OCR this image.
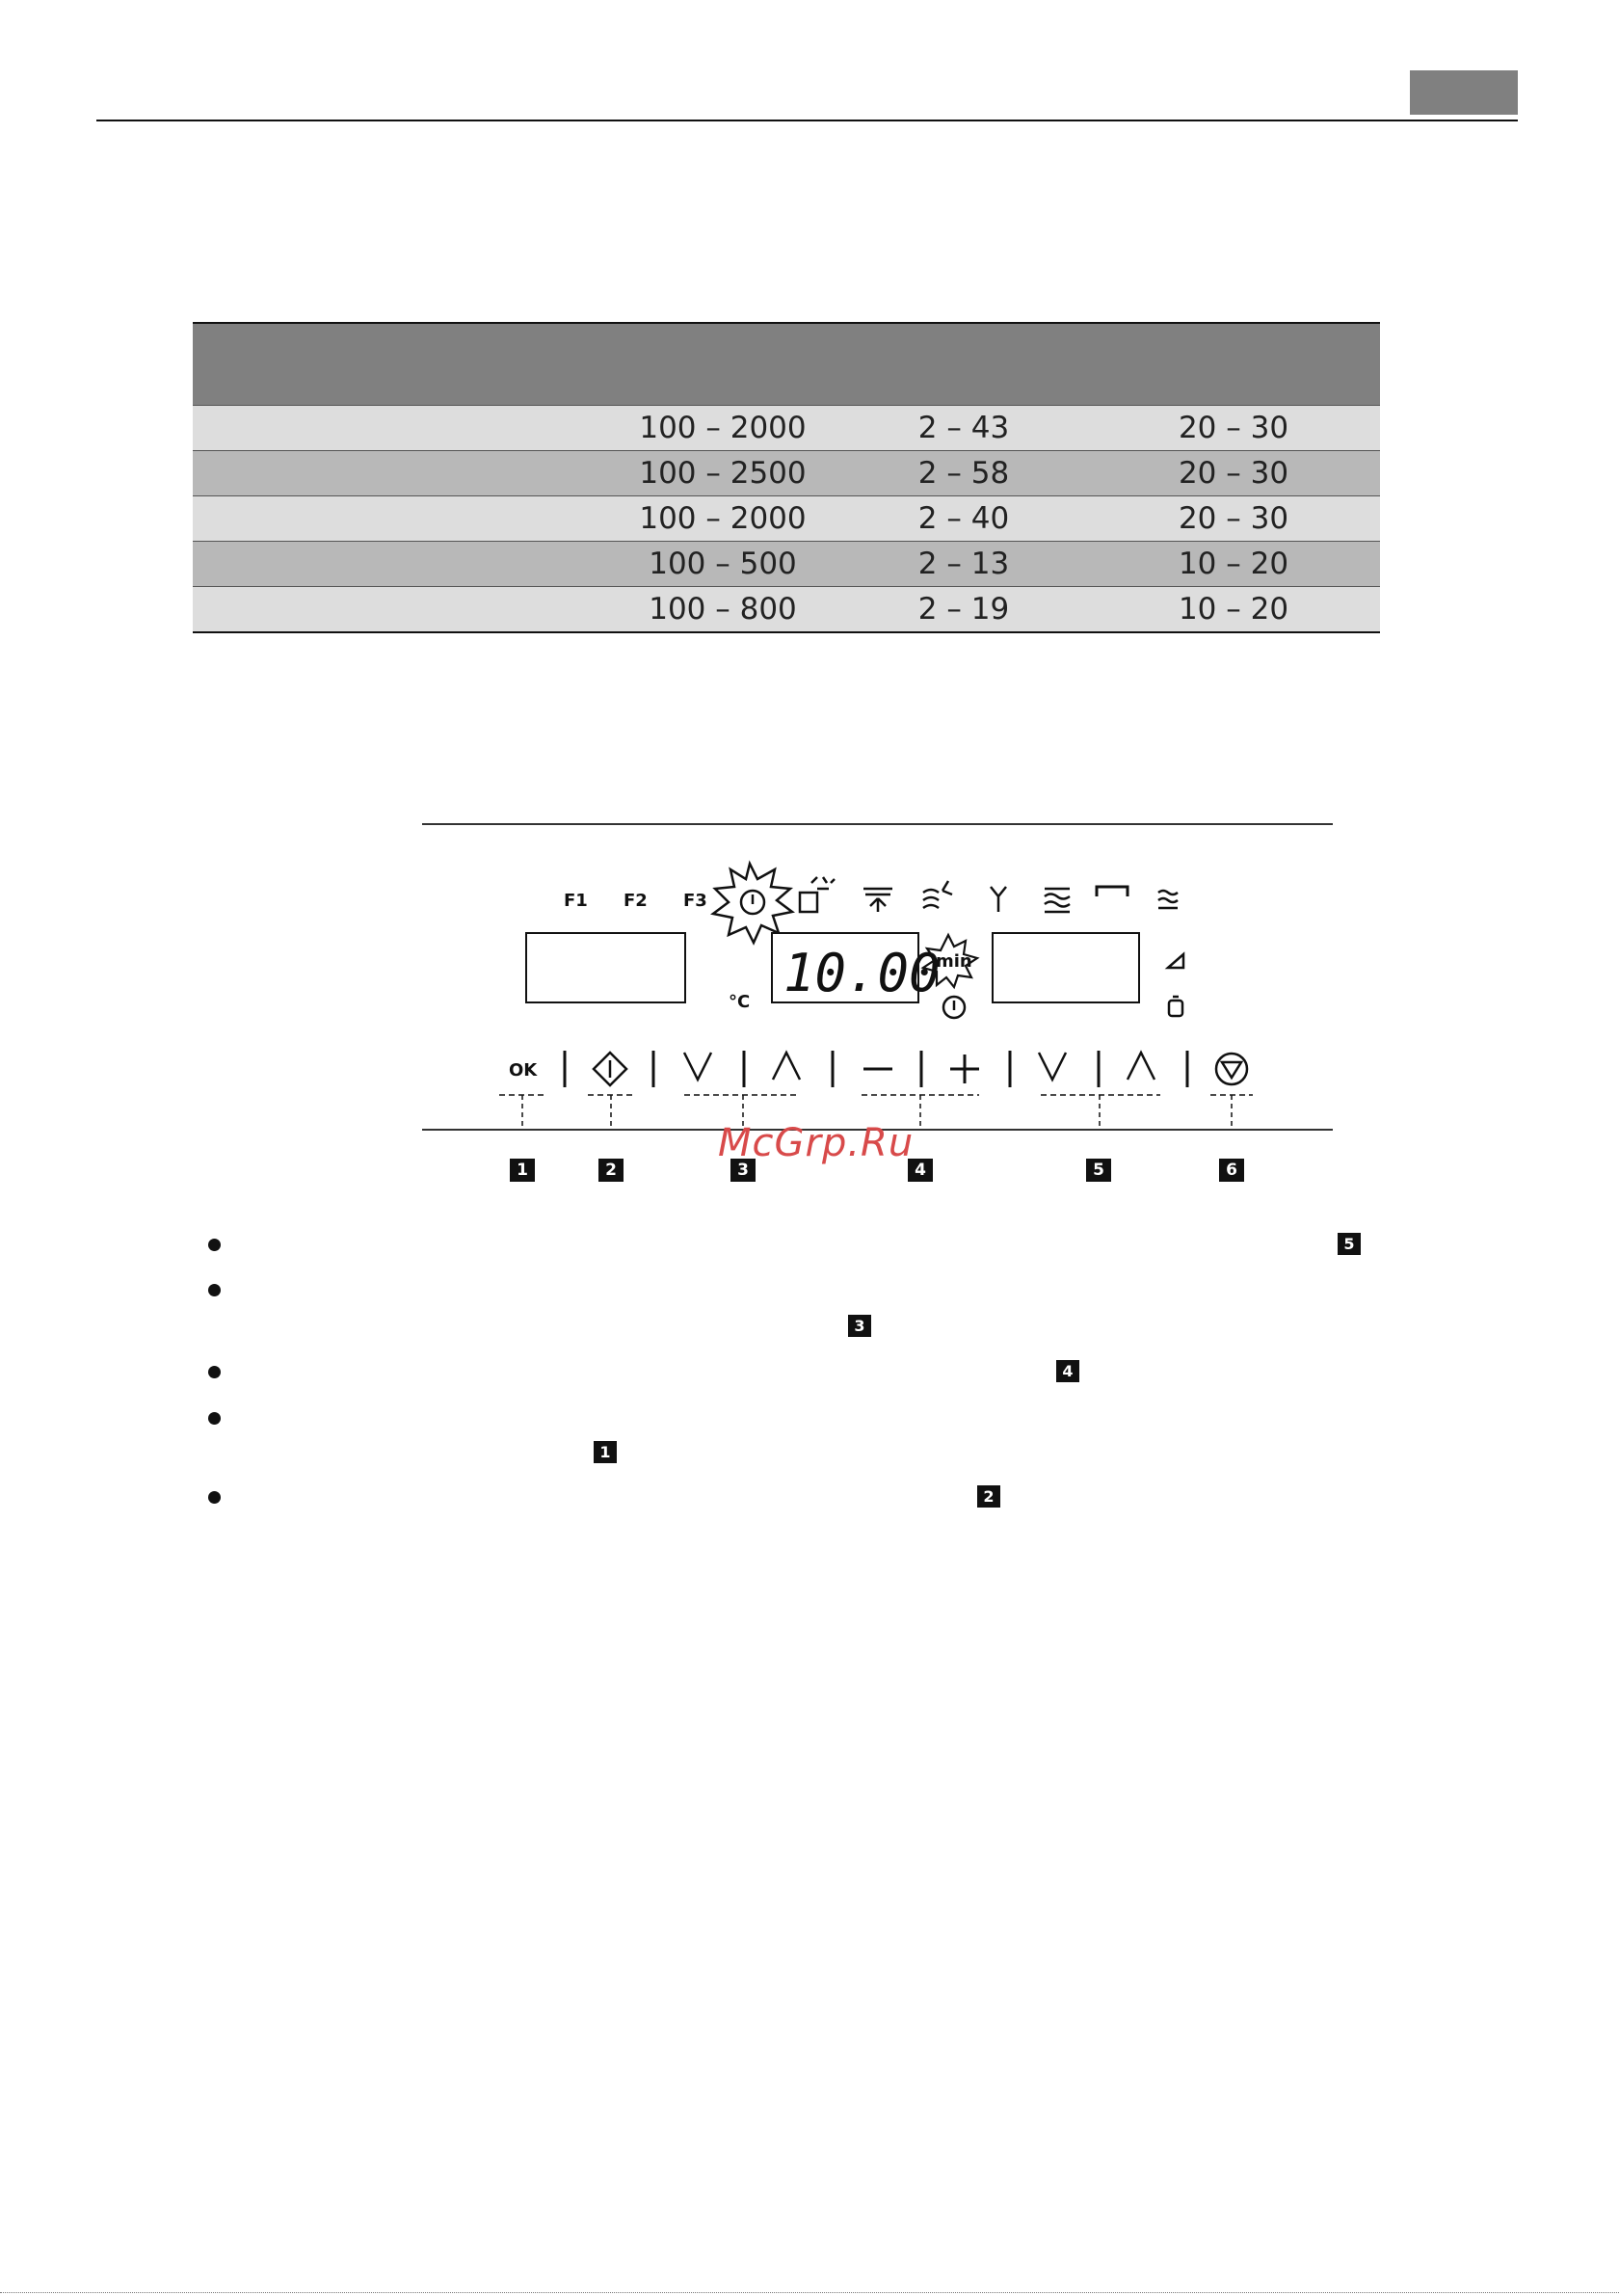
100 – 2000	2 – 43	20 – 30
100 – 2500	2 – 58	20 – 30
100 – 2000	2 – 40	20 – 30
100 – 500	2 – 13	10 – 20
100 – 800	2 – 19	10 – 20
F1 F2 F3
°C 10.00
min
OK
1	2	3	4	5	6
McGrp.Ru
5
3
4
1
2
